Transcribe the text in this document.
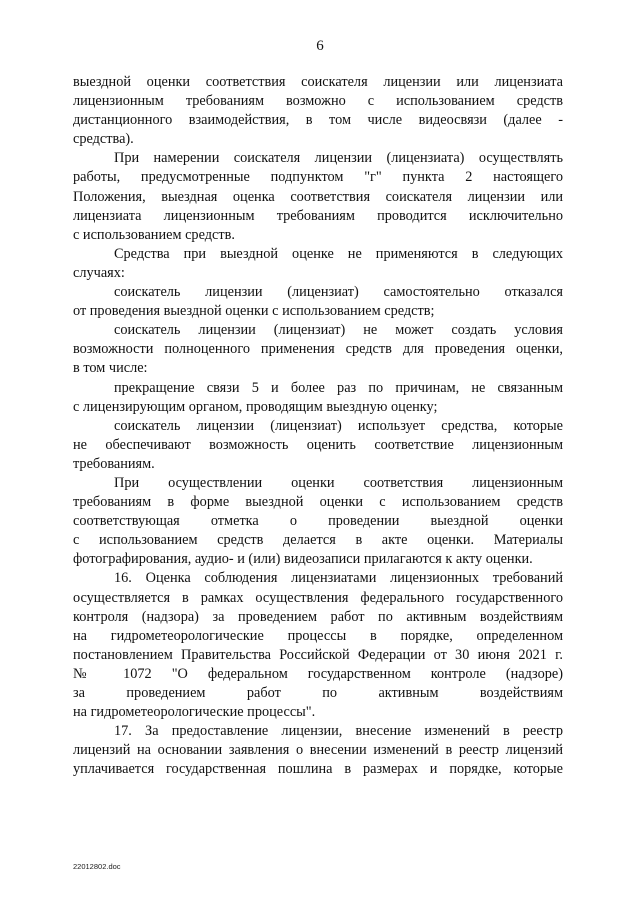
6
выездной оценки соответствия соискателя лицензии или лицензиата
лицензионным требованиям возможно с использованием средств
дистанционного взаимодействия, в том числе видеосвязи (далее -
средства).
При намерении соискателя лицензии (лицензиата) осуществлять
работы, предусмотренные подпунктом "г" пункта 2 настоящего
Положения, выездная оценка соответствия соискателя лицензии или
лицензиата лицензионным требованиям проводится исключительно
с использованием средств.
Средства при выездной оценке не применяются в следующих
случаях:
соискатель лицензии (лицензиат) самостоятельно отказался
от проведения выездной оценки с использованием средств;
соискатель лицензии (лицензиат) не может создать условия
возможности полноценного применения средств для проведения оценки,
в том числе:
прекращение связи 5 и более раз по причинам, не связанным
с лицензирующим органом, проводящим выездную оценку;
соискатель лицензии (лицензиат) использует средства, которые
не обеспечивают возможность оценить соответствие лицензионным
требованиям.
При осуществлении оценки соответствия лицензионным
требованиям в форме выездной оценки с использованием средств
соответствующая отметка о проведении выездной оценки
с использованием средств делается в акте оценки. Материалы
фотографирования, аудио- и (или) видеозаписи прилагаются к акту оценки.
16. Оценка соблюдения лицензиатами лицензионных требований
осуществляется в рамках осуществления федерального государственного
контроля (надзора) за проведением работ по активным воздействиям
на гидрометеорологические процессы в порядке, определенном
постановлением Правительства Российской Федерации от 30 июня 2021 г.
№ 1072 "О федеральном государственном контроле (надзоре)
за проведением работ по активным воздействиям
на гидрометеорологические процессы".
17. За предоставление лицензии, внесение изменений в реестр
лицензий на основании заявления о внесении изменений в реестр лицензий
уплачивается государственная пошлина в размерах и порядке, которые
22012802.doc
